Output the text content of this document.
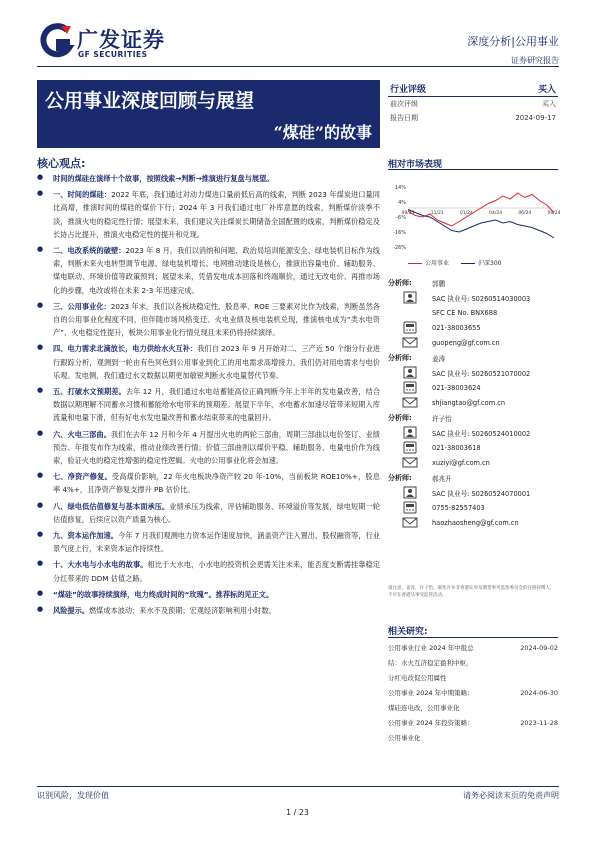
广发证券
GF SECURITIES
深度分析|公用事业
证券研究报告
公用事业深度回顾与展望
“煤硅”的故事
行业评级	买入
前次评级	买入
报告日期	2024-09-17
核心观点:
●	时间的煤硅在演绎十个故事，按照线索→判断→推演进行复盘与展望。
●	一、时间的煤硅：2022 年底，我们通过对动力煤进口量前低后高的线索，判断 2023 年煤炭进口量同比高增，推演时间的煤硅的煤价下行；2024 年 3 月我们通过电厂补库意愿的线索，判断煤价淡季不淡，推演火电的稳定性行情；展望未来，我们建议关注煤炭长期储备全国配置的线索，判断煤价稳定及长协占比提升，推演火电稳定性的提升和兑现。
●	二、电改系统的破壁：2023 年 8 月，我们以消纳和问题、政治局培训能源安全、绿电装机目标作为线索，判断未来火电转型调节电源、绿电装机增长、电网推动建设是核心，推演出容量电价、辅助服务、煤电联动、环境价值等政策预判；展望未来，凭借发电成本回落和终端顺价，通过无改电价、再推市场化的步骤，电改或将在未来 2-3 年迅速完成。
●	三、公用事业化：2023 年末，我们以各板块稳定性、股息率、ROE 三要素对比作为线索，判断虽然各自的公用事业化程度不同，但伴随市场风格变迁、火电业绩及核电装机兑现，推演核电成为“类水电资产”、火电稳定性提升，板块公用事业化行情兑现且未来仍将持续演绎。
●	四、电力需求北滴放长，电力供给水火互补：我们自 2023 年 9 月开始对二、三产近 50 个细分行业进行跟踪分析，观测到一轮由有色冥色到公用事业到化工的用电需求高增接力，我们仍对用电需求与电价乐观。发电侧，我们通过水文数据以期更加敏锐判断火水电量替代节奏。
●	五、打破水文预期差。去年 12 月，我们通过水电站蓄能高位正确判断今年上半年的发电量改善，结合数据以期理解不同蓄水习惯和蓄能给水电带来的预期差。展望下半年，水电蓄水加速尽管带来短期入库流量和电量下滑，但有好电水发电量改善和蓄水结束带来的电量回升。
●	六、火电三部曲。我们在去年 12 月和今年 4 月提出火电的两轮三部曲，周期三部曲以电价签订、业绩预告、年报发布作为线索，推动业绩改善行情；价值三部曲则以煤价平稳、辅助服务、电量电价作为线索，验证火电的稳定性增强的稳定性逻辑。火电的公用事业化将会加速。
●	七、净资产修复。受高煤价影响，22 年火电板块净资产较 20 年-10%，当前板块 ROE10%+，股息率 4%+，且净资产修复支撑升 PB 估价比。
●	八、绿电低估值修复与基本面承压。业绩承压为线索，评估辅助服务、环境溢价等发展，绿电短期一轮估值修复，后续应以资产质量为核心。
●	九、资本运作加速。今年 7 月我们观测电力资本运作速度加快，涵盖资产注入置出、股权融资等，行业景气度上行，未来资本运作持续性。
●	十、大水电与小水电的故事。相比于大水电，小水电的投资机会更需关注未来，能否度支断需挂靠稳定分红带来的 DDM 估值之路。
●	“煤硅”的故事持续演绎，电力终成时间的“玫瑰”。推荐标的见正文。
●	风险提示。燃煤成本波动；来水不及预期；宏观经济影响利用小时数。
相对市场表现
14%
4%
-6%
-16%
-26%
09/23	11/23	01/24	04/24	06/24	09/24
公用事业	沪深300
分析师:	郭鹏
SAC 执业号: S0260514030003
SFC CE No. BNX688
021-38003655
guopeng@gf.com.cn
分析师:	姜涛
SAC 执业号: S0260521070002
021-38003624
shjiangtao@gf.com.cn
分析师:	许子怡
SAC 执业号: S0260524010002
021-38003618
xuziyi@gf.com.cn
分析师:	郝兆升
SAC 执业号: S0260524070001
0755-82557403
haozhaosheng@gf.com.cn
请注意，姜涛，许子怡，郝兆升并非香港证券及期货事务监察委员会的注册持牌人，不可在香港从事受监管活动。
相关研究:
公用事业行业 2024 年中报总	2024-09-02
结：水火互济稳定盈利中枢，
分红电改促公用属性
公用事业 2024 年中期策略：	2024-06-30
煤硅连电改，公用事业化
公用事业 2024 年投资策略：	2023-11-28
公用事业化
识别风险，发现价值	请务必阅读末页的免责声明
1 / 23
